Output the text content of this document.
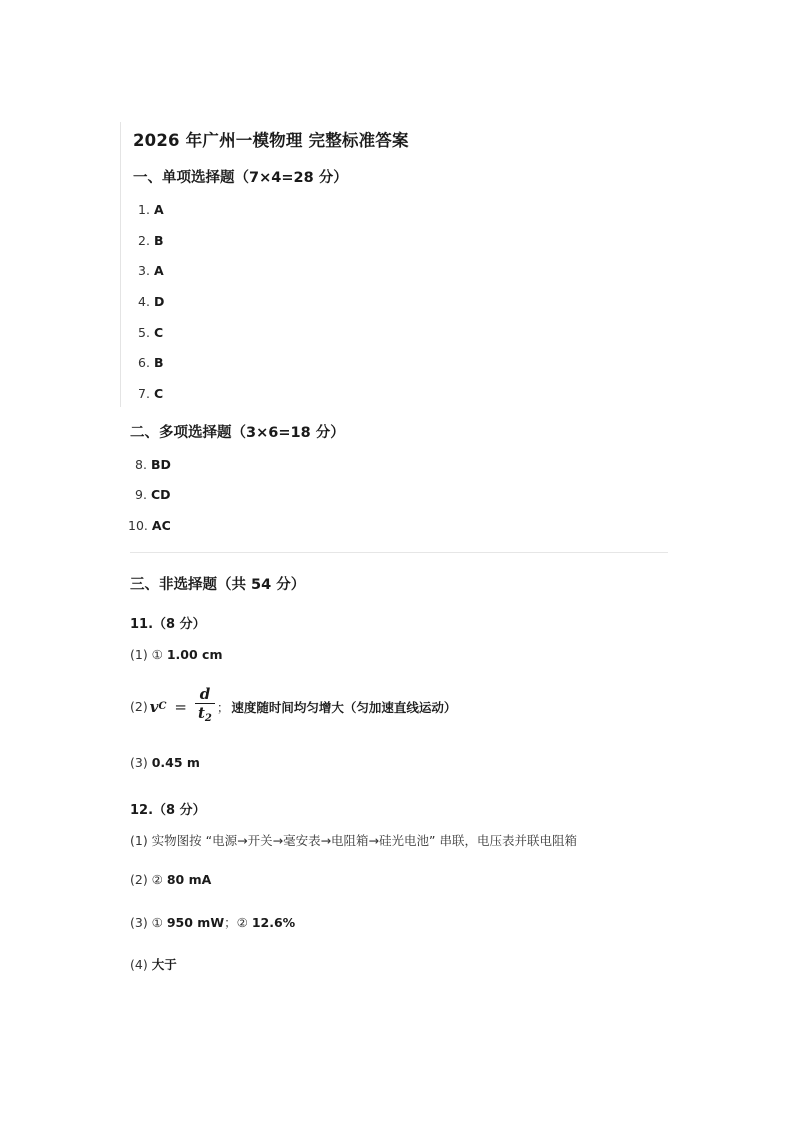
2026 年广州一模物理 完整标准答案
一、单项选择题（7×4=28 分）
1. A
2. B
3. A
4. D
5. C
6. B
7. C
二、多项选择题（3×6=18 分）
8. BD
9. CD
10. AC
三、非选择题（共 54 分）
11.（8 分）
(1) ① 1.00 cm
(2) v $C = \frac{d}{t_2}$ ； 速度随时间均匀增大（匀加速直线运动）
(3) 0.45 m
12.（8 分）
(1) 实物图按 “电源→开关→毫安表→电阻箱→硅光电池” 串联，电压表并联电阻箱
(2) ② 80 mA
(3) ① 950 mW；② 12.6%
(4) 大于
